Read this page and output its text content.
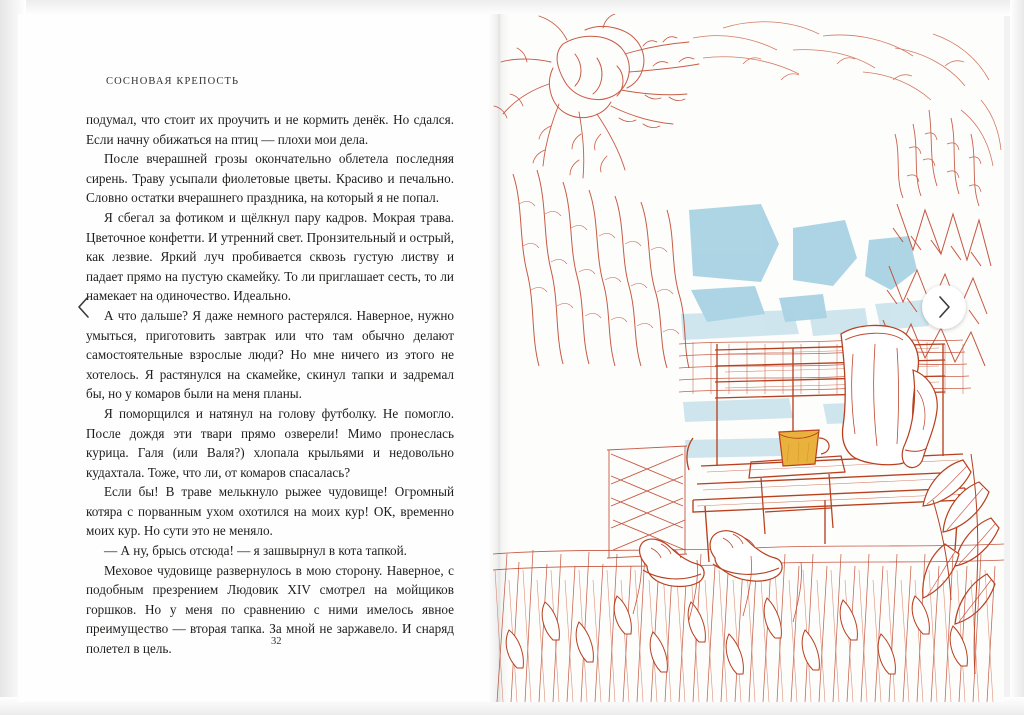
СОСНОВАЯ КРЕПОСТЬ

подумал, что стоит их проучить и не кормить денёк. Но сдался. Если начну обижаться на птиц — плохи мои дела.

После вчерашней грозы окончательно облетела последняя сирень. Траву усыпали фиолетовые цветы. Красиво и печально. Словно остатки вчерашнего праздника, на который я не попал.

Я сбегал за фотиком и щёлкнул пару кадров. Мокрая трава. Цветочное конфетти. И утренний свет. Пронзительный и острый, как лезвие. Яркий луч пробивается сквозь густую листву и падает прямо на пустую скамейку. То ли приглашает сесть, то ли намекает на одиночество. Идеально.

А что дальше? Я даже немного растерялся. Наверное, нужно умыться, приготовить завтрак или что там обычно делают самостоятельные взрослые люди? Но мне ничего из этого не хотелось. Я растянулся на скамейке, скинул тапки и задремал бы, но у комаров были на меня планы.

Я поморщился и натянул на голову футболку. Не помогло. После дождя эти твари прямо озверели! Мимо пронеслась курица. Галя (или Валя?) хлопала крыльями и недовольно кудахтала. Тоже, что ли, от комаров спасалась?

Если бы! В траве мелькнуло рыжее чудовище! Огромный котяра с порванным ухом охотился на моих кур! ОК, временно моих кур. Но сути это не меняло.

— А ну, брысь отсюда! — я зашвырнул в кота тапкой.

Меховое чудовище развернулось в мою сторону. Наверное, с подобным презрением Людовик XIV смотрел на мойщиков горшков. Но у меня по сравнению с ними имелось явное преимущество — вторая тапка. За мной не заржавело. И снаряд полетел в цель.	32
